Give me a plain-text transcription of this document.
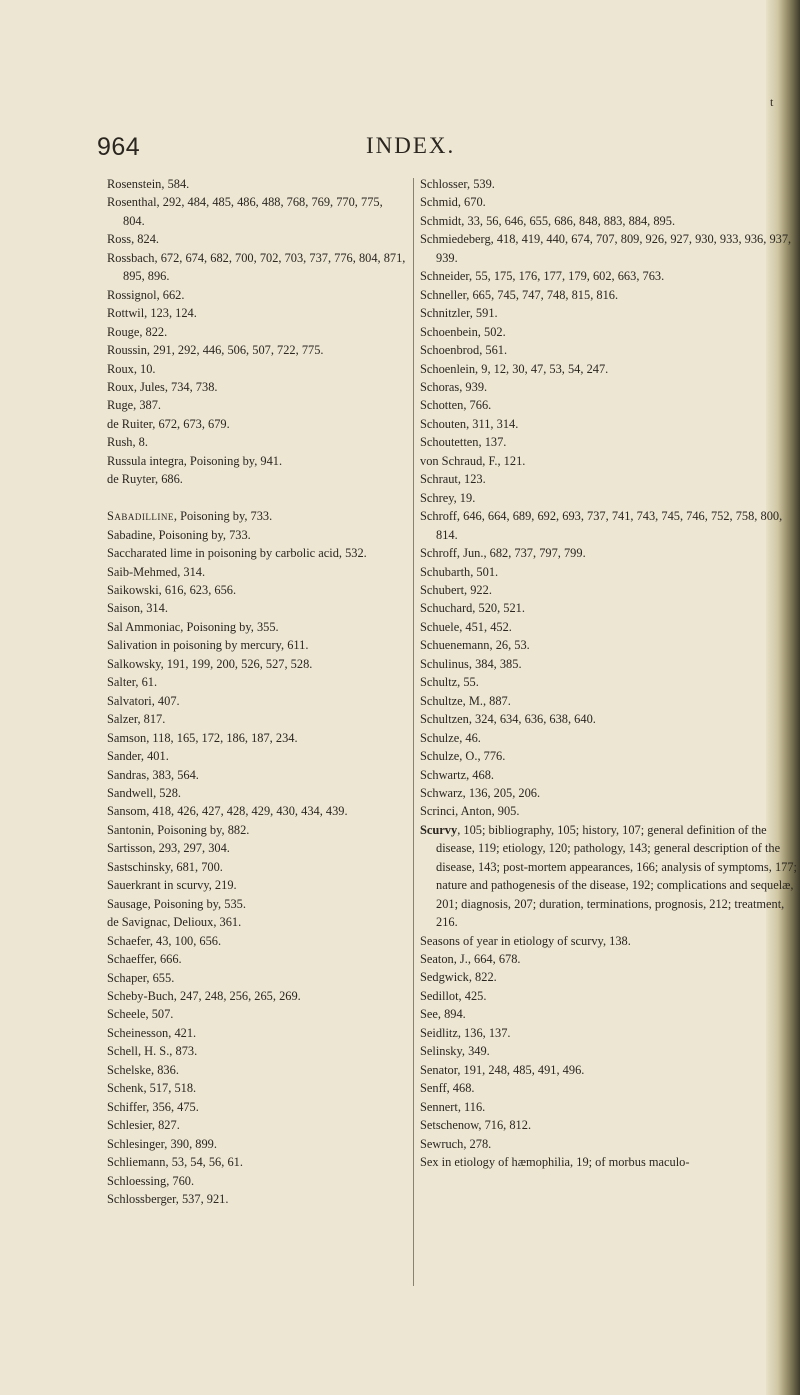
t
964	INDEX.

Rosenstein, 584.

Rosenthal, 292, 484, 485, 486, 488, 768, 769, 770, 775, 804.

Ross, 824.

Rossbach, 672, 674, 682, 700, 702, 703, 737, 776, 804, 871, 895, 896.

Rossignol, 662.

Rottwil, 123, 124.

Rouge, 822.

Roussin, 291, 292, 446, 506, 507, 722, 775.

Roux, 10.

Roux, Jules, 734, 738.

Ruge, 387.

de Ruiter, 672, 673, 679.

Rush, 8.

Russula integra, Poisoning by, 941.

de Ruyter, 686.

Sabadilline, Poisoning by, 733.

Sabadine, Poisoning by, 733.

Saccharated lime in poisoning by carbolic acid, 532.

Saib-Mehmed, 314.

Saikowski, 616, 623, 656.

Saison, 314.

Sal Ammoniac, Poisoning by, 355.

Salivation in poisoning by mercury, 611.

Salkowsky, 191, 199, 200, 526, 527, 528.

Salter, 61.

Salvatori, 407.

Salzer, 817.

Samson, 118, 165, 172, 186, 187, 234.

Sander, 401.

Sandras, 383, 564.

Sandwell, 528.

Sansom, 418, 426, 427, 428, 429, 430, 434, 439.

Santonin, Poisoning by, 882.

Sartisson, 293, 297, 304.

Sastschinsky, 681, 700.

Sauerkrant in scurvy, 219.

Sausage, Poisoning by, 535.

de Savignac, Delioux, 361.

Schaefer, 43, 100, 656.

Schaeffer, 666.

Schaper, 655.

Scheby-Buch, 247, 248, 256, 265, 269.

Scheele, 507.

Scheinesson, 421.

Schell, H. S., 873.

Schelske, 836.

Schenk, 517, 518.

Schiffer, 356, 475.

Schlesier, 827.

Schlesinger, 390, 899.

Schliemann, 53, 54, 56, 61.

Schloessing, 760.

Schlossberger, 537, 921.

Schlosser, 539.

Schmid, 670.

Schmidt, 33, 56, 646, 655, 686, 848, 883, 884, 895.

Schmiedeberg, 418, 419, 440, 674, 707, 809, 926, 927, 930, 933, 936, 937, 939.

Schneider, 55, 175, 176, 177, 179, 602, 663, 763.

Schneller, 665, 745, 747, 748, 815, 816.

Schnitzler, 591.

Schoenbein, 502.

Schoenbrod, 561.

Schoenlein, 9, 12, 30, 47, 53, 54, 247.

Schoras, 939.

Schotten, 766.

Schouten, 311, 314.

Schoutetten, 137.

von Schraud, F., 121.

Schraut, 123.

Schrey, 19.

Schroff, 646, 664, 689, 692, 693, 737, 741, 743, 745, 746, 752, 758, 800, 814.

Schroff, Jun., 682, 737, 797, 799.

Schubarth, 501.

Schubert, 922.

Schuchard, 520, 521.

Schuele, 451, 452.

Schuenemann, 26, 53.

Schulinus, 384, 385.

Schultz, 55.

Schultze, M., 887.

Schultzen, 324, 634, 636, 638, 640.

Schulze, 46.

Schulze, O., 776.

Schwartz, 468.

Schwarz, 136, 205, 206.

Scrinci, Anton, 905.

Scurvy, 105; bibliography, 105; history, 107; general definition of the disease, 119; etiology, 120; pathology, 143; general description of the disease, 143; post-mortem appearances, 166; analysis of symptoms, 177; nature and pathogenesis of the disease, 192; complications and sequelæ, 201; diagnosis, 207; duration, terminations, prognosis, 212; treatment, 216.

Seasons of year in etiology of scurvy, 138.

Seaton, J., 664, 678.

Sedgwick, 822.

Sedillot, 425.

See, 894.

Seidlitz, 136, 137.

Selinsky, 349.

Senator, 191, 248, 485, 491, 496.

Senff, 468.

Sennert, 116.

Setschenow, 716, 812.

Sewruch, 278.

Sex in etiology of hæmophilia, 19; of morbus maculo-
